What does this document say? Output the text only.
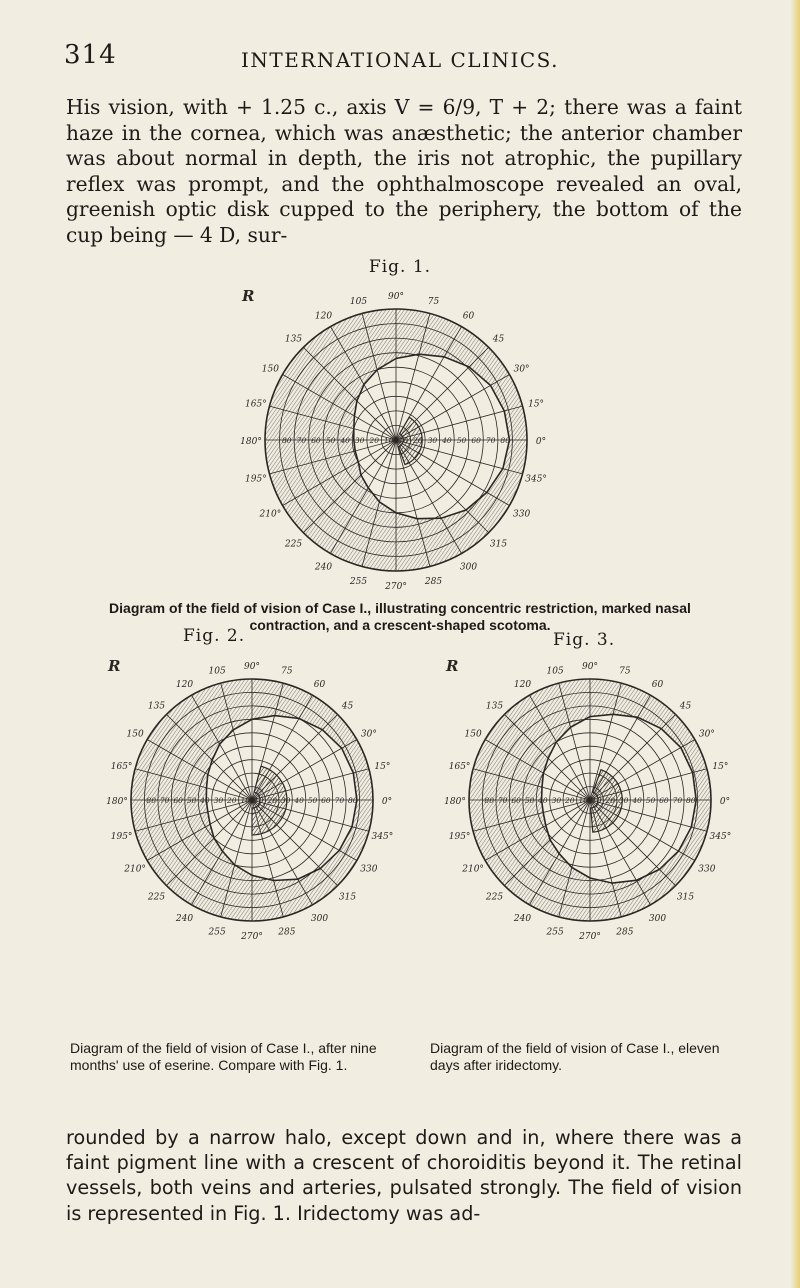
314	INTERNATIONAL CLINICS.
His vision, with + 1.25 c., axis V = 6/9, T + 2; there was a faint haze in the cornea, which was anæsthetic; the anterior chamber was about normal in depth, the iris not atrophic, the pupillary reflex was prompt, and the ophthalmoscope revealed an oval, greenish optic disk cupped to the periphery, the bottom of the cup being — 4 D, sur-
Fig. 1.
10
10	20
20	30
30	40
40	50
50	60
60	70
70	80
80
90°
105
120
135
150
165°
180°
195°
210°
225
240
255 270° 285
300
315
330
345°
0°
15°
30°
45
60
75
R
Diagram of the field of vision of Case I., illustrating concentric restriction, marked nasal contraction, and a crescent-shaped scotoma.
Fig. 2.	Fig. 3.
10
10 20
20	30
30	40
40	50
50	60
60	70
70	80
80
90°
105
120
135
150
165°
180°
195°
210°
225
240
255 270° 285
300
315
330
345°
0°
15°
30°
45
60
75
R
10
10 20
20	30
30	40
40	50
50	60
60	70
70	80
80
90°
105
120
135
150
165°
180°
195°
210°
225
240
255 270° 285
300
315
330
345°
0°
15°
30°
45
60
75
R
Diagram of the field of vision of Case I., after nine months' use of eserine. Compare with Fig. 1.
Diagram of the field of vision of Case I., eleven days after iridectomy.
rounded by a narrow halo, except down and in, where there was a faint pigment line with a crescent of choroiditis beyond it. The retinal vessels, both veins and arteries, pulsated strongly. The field of vision is represented in Fig. 1. Iridectomy was ad-
